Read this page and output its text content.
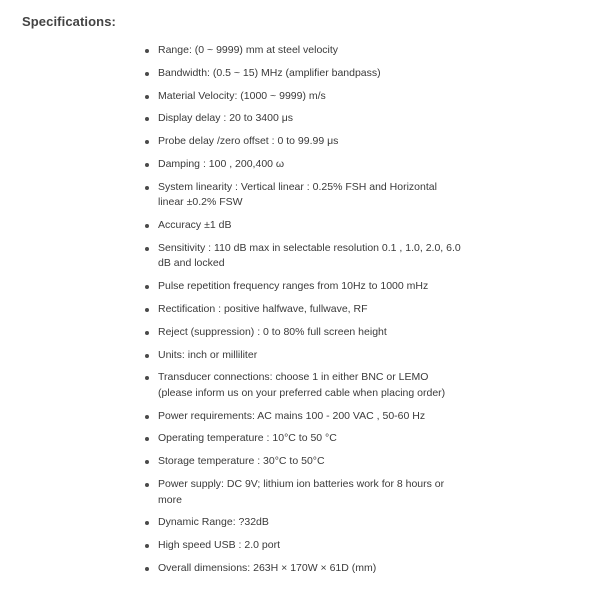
Specifications:
Range: (0 ~ 9999) mm at steel velocity
Bandwidth: (0.5 ~ 15) MHz (amplifier bandpass)
Material Velocity: (1000 ~ 9999) m/s
Display delay : 20 to 3400 μs
Probe delay /zero offset : 0 to 99.99 μs
Damping : 100 , 200,400 ω
System linearity : Vertical linear : 0.25% FSH and Horizontal linear ±0.2% FSW
Accuracy ±1 dB
Sensitivity : 110 dB max in selectable resolution 0.1 , 1.0, 2.0, 6.0 dB and locked
Pulse repetition frequency ranges from 10Hz to 1000 mHz
Rectification : positive halfwave, fullwave, RF
Reject (suppression) : 0 to 80% full screen height
Units: inch or milliliter
Transducer connections: choose 1 in either BNC or LEMO (please inform us on your preferred cable when placing order)
Power requirements: AC mains 100 - 200 VAC , 50-60 Hz
Operating temperature : 10°C to 50 °C
Storage temperature : 30°C to 50°C
Power supply: DC 9V; lithium ion batteries work for 8 hours or more
Dynamic Range: ?32dB
High speed USB : 2.0 port
Overall dimensions: 263H × 170W × 61D (mm)
